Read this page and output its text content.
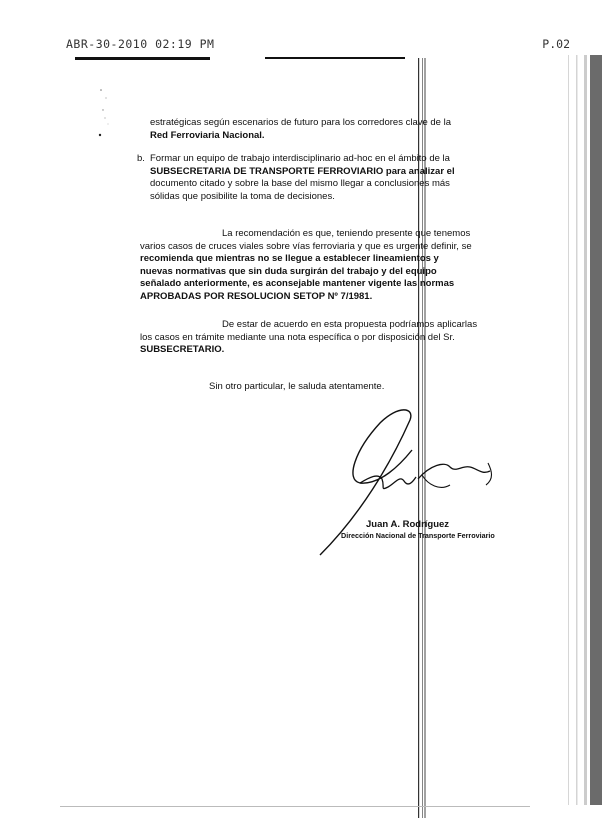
ABR-30-2010 02:19 PM	P.02
estratégicas según escenarios de futuro para los corredores clave de la
Red Ferroviaria Nacional.
b. Formar un equipo de trabajo interdisciplinario ad-hoc en el ámbito de la
SUBSECRETARIA DE TRANSPORTE FERROVIARIO para analizar el
documento citado y sobre la base del mismo llegar a conclusiones más
sólidas que posibilite la toma de decisiones.
La recomendación es que, teniendo presente que tenemos
varios casos de cruces viales sobre vías ferroviaria y que es urgente definir, se
recomienda que mientras no se llegue a establecer lineamientos y
nuevas normativas que sin duda surgirán del trabajo y del equipo
señalado anteriormente, es aconsejable mantener vigente las normas
APROBADAS POR RESOLUCION SETOP Nº 7/1981.
De estar de acuerdo en esta propuesta podríamos aplicarlas
los casos en trámite mediante una nota específica o por disposición del Sr.
SUBSECRETARIO.
Sin otro particular, le saluda atentamente.
Juan A. Rodríguez
Dirección Nacional de Transporte Ferroviario
